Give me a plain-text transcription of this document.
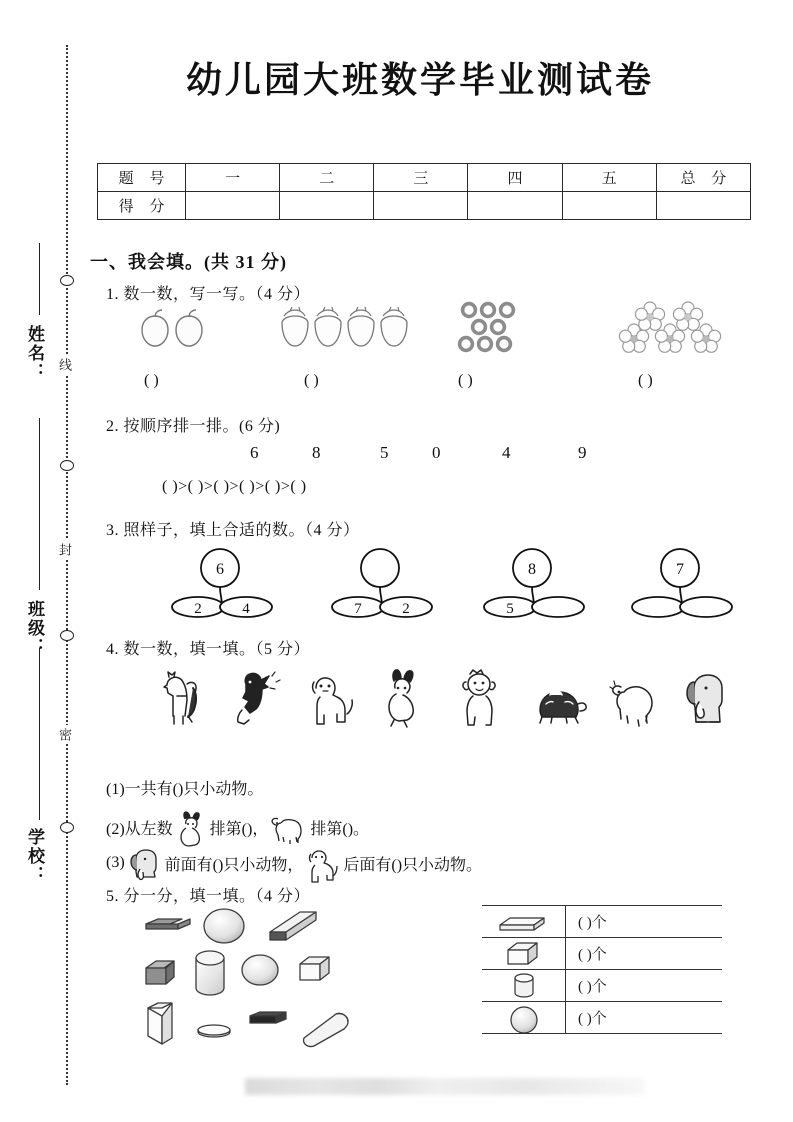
线
封
密
姓名：
班级：
学校：
幼儿园大班数学毕业测试卷
题 号	一	二	三	四	五	总 分
得 分						
一、我会填。(共 31 分)
1. 数一数，写一写。（4 分）
( )	( )	( )	( )
2. 按顺序排一排。(6 分)
6	8	5	0	4	9
( )>( )>( )>( )>( )>( )
3. 照样子，填上合适的数。（4 分）
6
2	4	7	2
8
5
7
4. 数一数，填一填。（5 分）
(1)一共有( )只小动物。
(2)从左数 排第( )，	排第( )。
(3)	前面有( )只小动物，	后面有( )只小动物。
5. 分一分，填一填。（4 分）
( )个
( )个
( )个
( )个
